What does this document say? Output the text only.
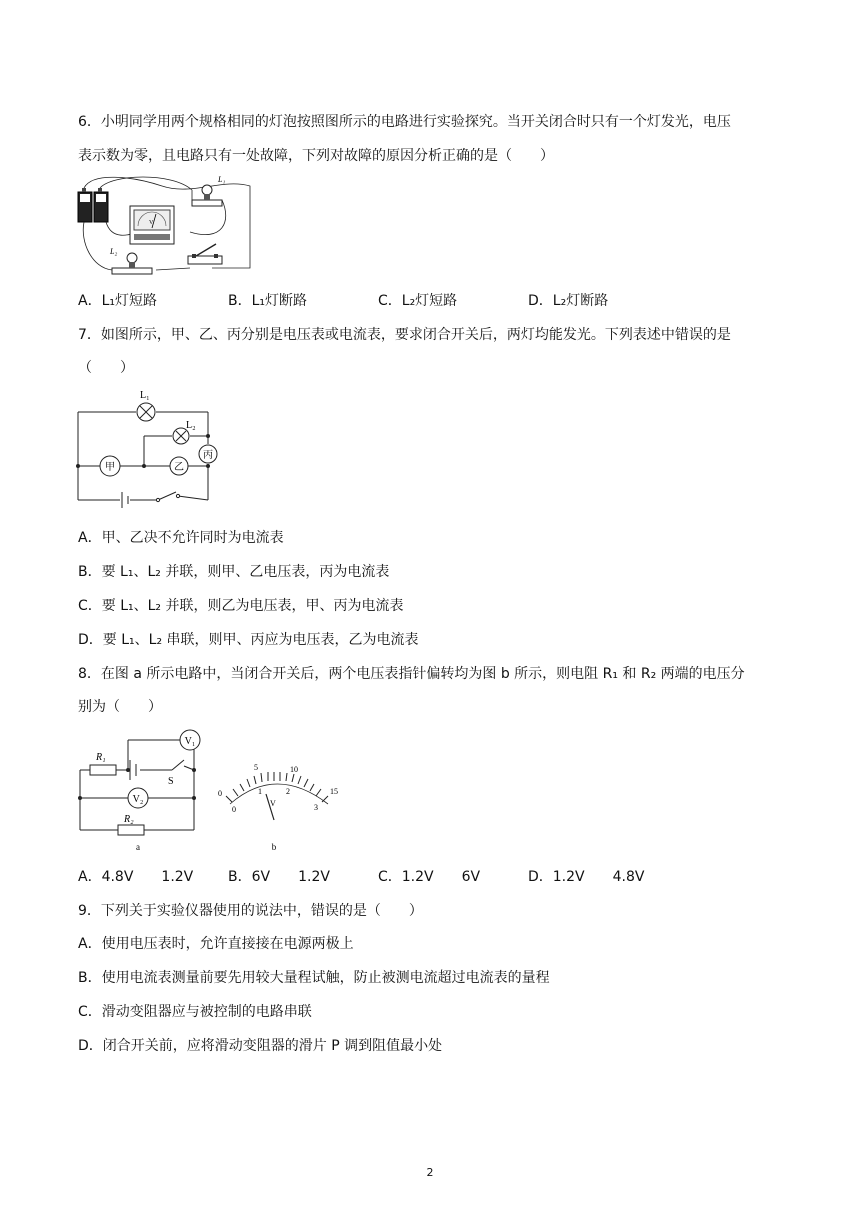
6．小明同学用两个规格相同的灯泡按照图所示的电路进行实验探究。当开关闭合时只有一个灯发光，电压
表示数为零，且电路只有一处故障，下列对故障的原因分析正确的是（　　）
L₁
V
L₂
A．L₁灯短路	B．L₁灯断路	C．L₂灯短路	D．L₂灯断路
7．如图所示，甲、乙、丙分别是电压表或电流表，要求闭合开关后，两灯均能发光。下列表述中错误的是
（　　）
L₁
L₂
甲	乙
丙
A．甲、乙决不允许同时为电流表
B．要 L₁、L₂ 并联，则甲、乙电压表，丙为电流表
C．要 L₁、L₂ 并联，则乙为电压表，甲、丙为电流表
D．要 L₁、L₂ 串联，则甲、丙应为电压表，乙为电流表
8．在图 a 所示电路中，当闭合开关后，两个电压表指针偏转均为图 b 所示，则电阻 R₁ 和 R₂ 两端的电压分
别为（　　）
V₁
V₂
R₁
R₂
S
a
0
0
5	10
15
1	2
3
V
b
A．4.8V　　1.2V	B．6V　　1.2V	C．1.2V　　6V	D．1.2V　　4.8V
9．下列关于实验仪器使用的说法中，错误的是（　　）
A．使用电压表时，允许直接接在电源两极上
B．使用电流表测量前要先用较大量程试触，防止被测电流超过电流表的量程
C．滑动变阻器应与被控制的电路串联
D．闭合开关前，应将滑动变阻器的滑片 P 调到阻值最小处
2
